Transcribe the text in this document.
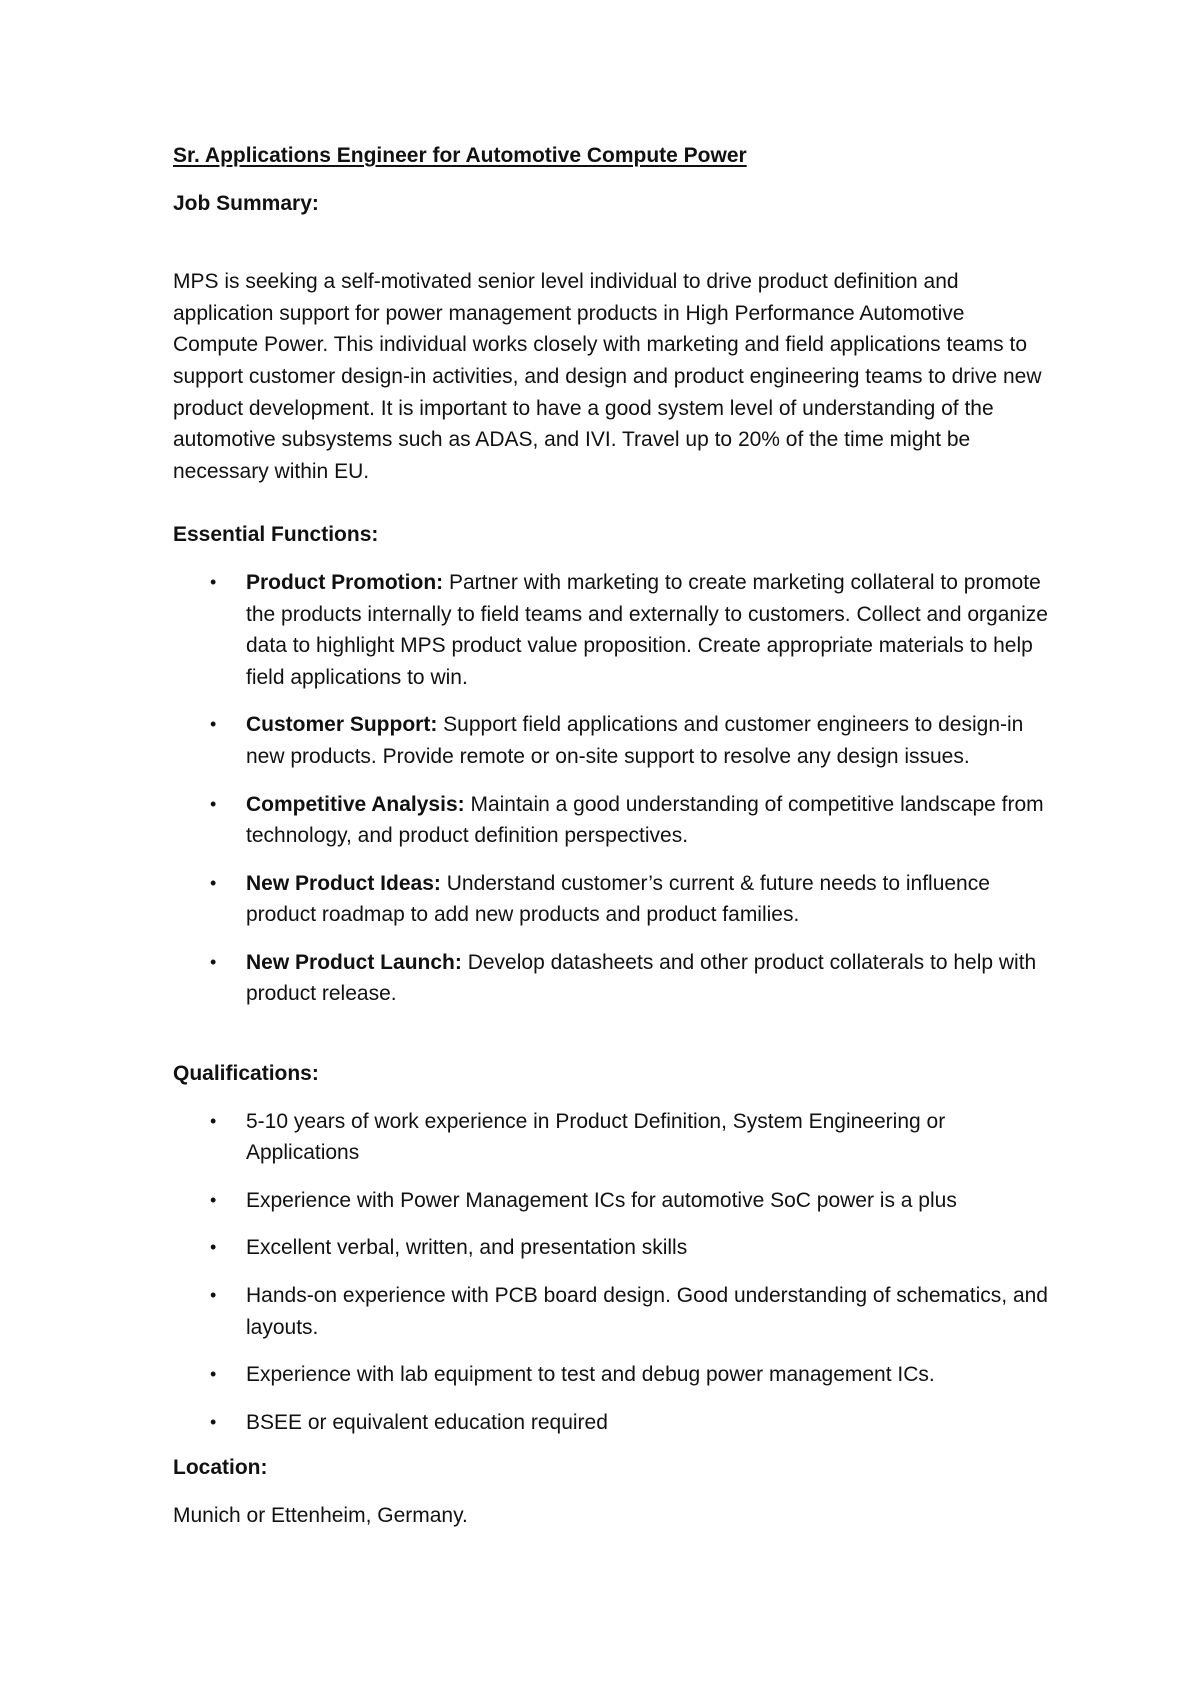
Sr. Applications Engineer for Automotive Compute Power

Job Summary:

MPS is seeking a self-motivated senior level individual to drive product definition and application support for power management products in High Performance Automotive Compute Power. This individual works closely with marketing and field applications teams to support customer design-in activities, and design and product engineering teams to drive new product development. It is important to have a good system level of understanding of the automotive subsystems such as ADAS, and IVI. Travel up to 20% of the time might be necessary within EU.

Essential Functions:

• Product Promotion: Partner with marketing to create marketing collateral to promote the products internally to field teams and externally to customers. Collect and organize data to highlight MPS product value proposition. Create appropriate materials to help field applications to win.
• Customer Support: Support field applications and customer engineers to design-in new products. Provide remote or on-site support to resolve any design issues.
• Competitive Analysis: Maintain a good understanding of competitive landscape from technology, and product definition perspectives.
• New Product Ideas: Understand customer’s current & future needs to influence product roadmap to add new products and product families.
• New Product Launch: Develop datasheets and other product collaterals to help with product release.

Qualifications:

• 5-10 years of work experience in Product Definition, System Engineering or Applications
• Experience with Power Management ICs for automotive SoC power is a plus
• Excellent verbal, written, and presentation skills
• Hands-on experience with PCB board design. Good understanding of schematics, and layouts.
• Experience with lab equipment to test and debug power management ICs.
• BSEE or equivalent education required

Location:

Munich or Ettenheim, Germany.
